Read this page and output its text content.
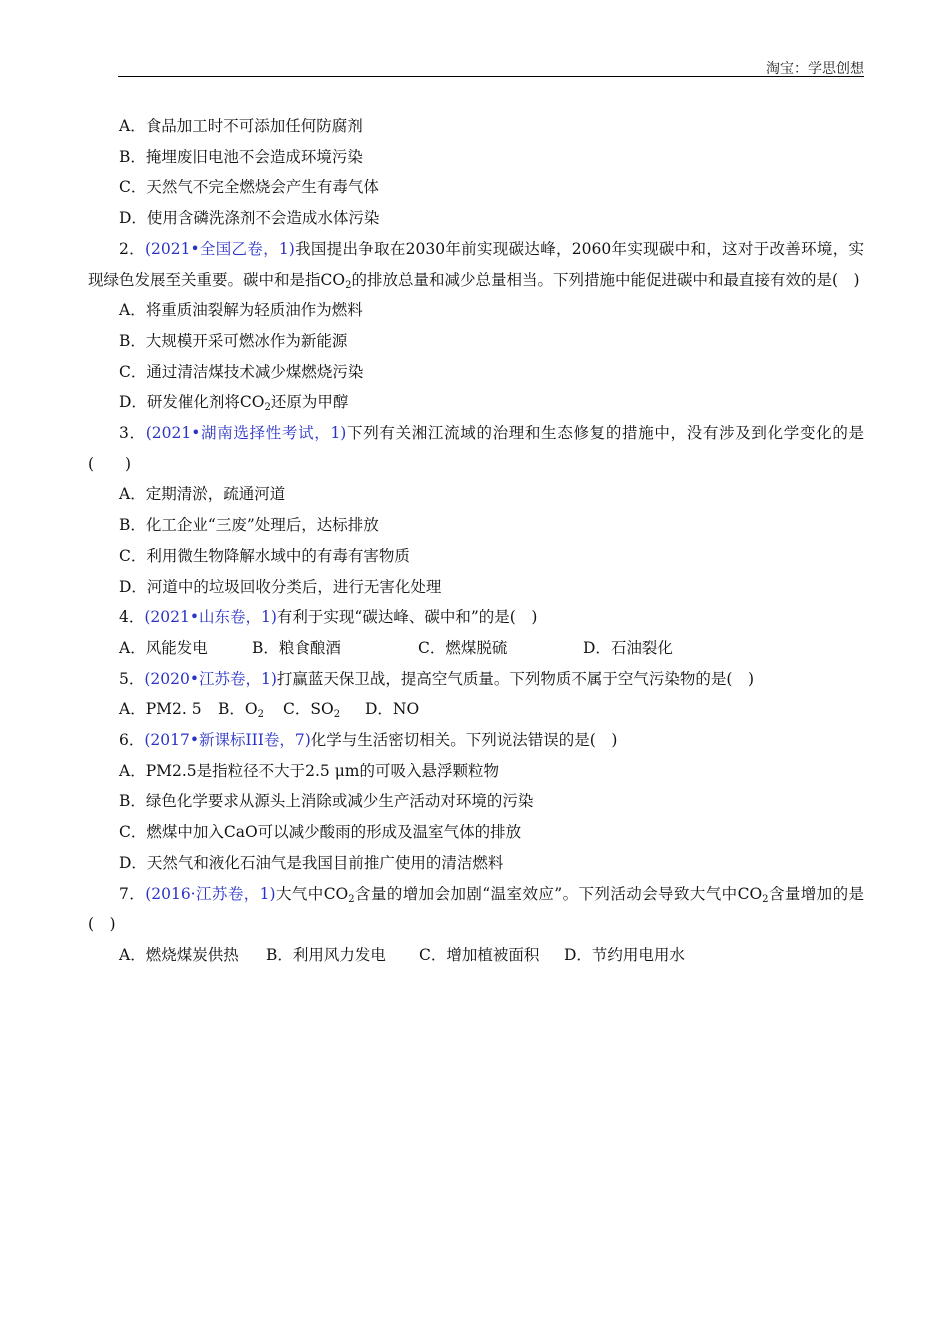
淘宝：学思创想
A．食品加工时不可添加任何防腐剂
B．掩埋废旧电池不会造成环境污染
C．天然气不完全燃烧会产生有毒气体
D．使用含磷洗涤剂不会造成水体污染
2．(2021•全国乙卷，1)我国提出争取在2030年前实现碳达峰，2060年实现碳中和，这对于改善环境，实现绿色发展至关重要。碳中和是指$CO_2$的排放总量和减少总量相当。下列措施中能促进碳中和最直接有效的是(　)
A．将重质油裂解为轻质油作为燃料
B．大规模开采可燃冰作为新能源
C．通过清洁煤技术减少煤燃烧污染
D．研发催化剂将$CO_2$还原为甲醇
3．(2021•湖南选择性考试，1)下列有关湘江流域的治理和生态修复的措施中，没有涉及到化学变化的是(　　)
A．定期清淤，疏通河道
B．化工企业“三废”处理后，达标排放
C．利用微生物降解水域中的有毒有害物质
D．河道中的垃圾回收分类后，进行无害化处理
4．(2021•山东卷，1)有利于实现“碳达峰、碳中和”的是(　)
A．风能发电	B．粮食酿酒	C．燃煤脱硫	D．石油裂化
5．(2020•江苏卷，1)打赢蓝天保卫战，提高空气质量。下列物质不属于空气污染物的是(　)
A．PM2. 5 B．$O_2$ C．$SO_2$ D．NO
6．(2017•新课标III卷，7)化学与生活密切相关。下列说法错误的是(　)
A．PM2.5是指粒径不大于2.5 μm的可吸入悬浮颗粒物
B．绿色化学要求从源头上消除或减少生产活动对环境的污染
C．燃煤中加入CaO可以减少酸雨的形成及温室气体的排放
D．天然气和液化石油气是我国目前推广使用的清洁燃料
7．(2016·江苏卷，1)大气中$CO_2$含量的增加会加剧“温室效应”。下列活动会导致大气中$CO_2$含量增加的是(　)
A．燃烧煤炭供热 B．利用风力发电 C．增加植被面积 D．节约用电用水
